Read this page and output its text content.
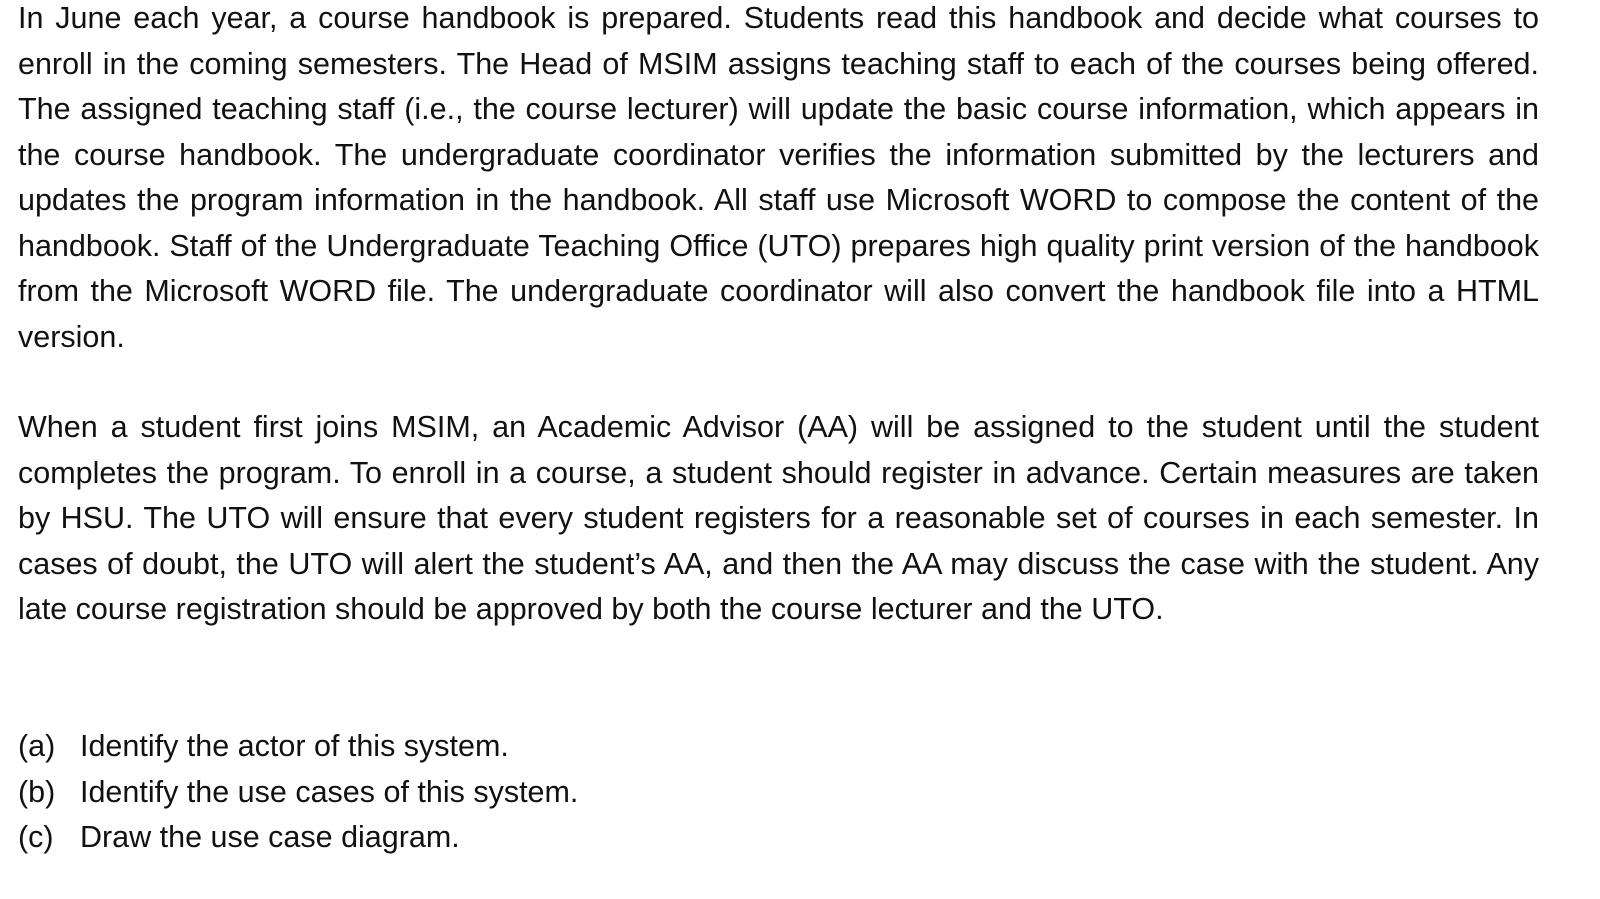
In June each year, a course handbook is prepared. Students read this handbook and decide what courses to enroll in the coming semesters. The Head of MSIM assigns teaching staff to each of the courses being offered. The assigned teaching staff (i.e., the course lecturer) will update the basic course information, which appears in the course handbook. The undergraduate coordinator verifies the information submitted by the lecturers and updates the program information in the handbook. All staff use Microsoft WORD to compose the content of the handbook. Staff of the Undergraduate Teaching Office (UTO) prepares high quality print version of the handbook from the Microsoft WORD file. The undergraduate coordinator will also convert the handbook file into a HTML version.

When a student first joins MSIM, an Academic Advisor (AA) will be assigned to the student until the student completes the program. To enroll in a course, a student should register in advance. Certain measures are taken by HSU. The UTO will ensure that every student registers for a reasonable set of courses in each semester. In cases of doubt, the UTO will alert the student’s AA, and then the AA may discuss the case with the student. Any late course registration should be approved by both the course lecturer and the UTO.

(a) Identify the actor of this system.
(b) Identify the use cases of this system.
(c) Draw the use case diagram.
